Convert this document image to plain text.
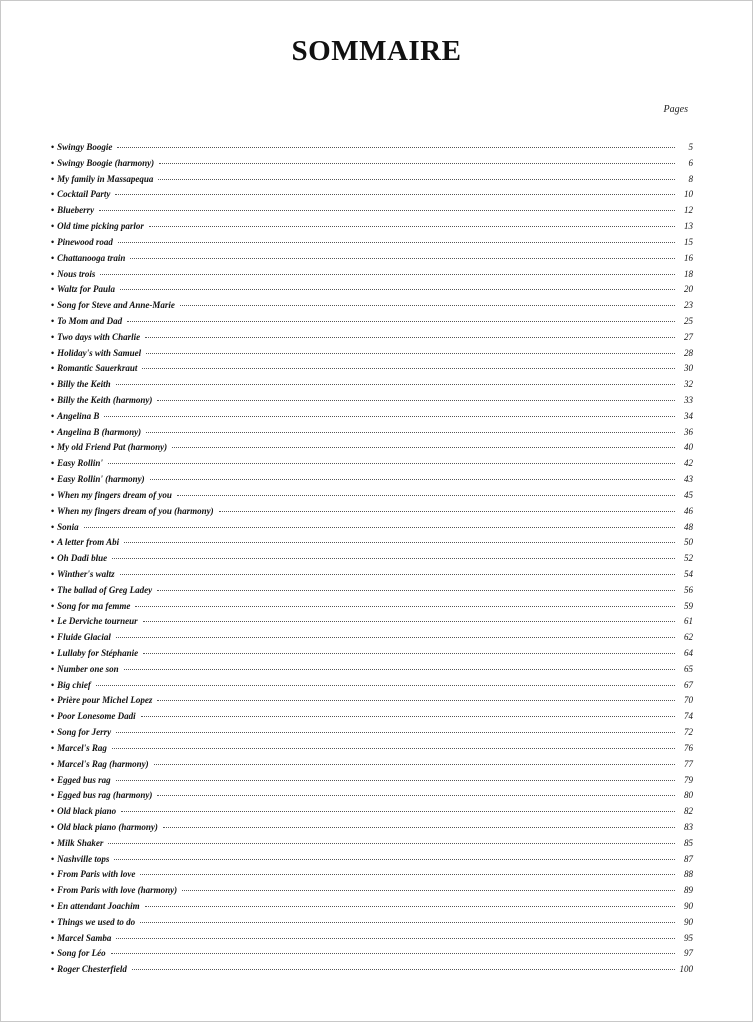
SOMMAIRE
Pages
• Swingy Boogie	5
• Swingy Boogie (harmony)	6
• My family in Massapequa	8
• Cocktail Party	10
• Blueberry	12
• Old time picking parlor	13
• Pinewood road	15
• Chattanooga train	16
• Nous trois	18
• Waltz for Paula	20
• Song for Steve and Anne-Marie	23
• To Mom and Dad	25
• Two days with Charlie	27
• Holiday's with Samuel	28
• Romantic Sauerkraut	30
• Billy the Keith	32
• Billy the Keith (harmony)	33
• Angelina B	34
• Angelina B (harmony)	36
• My old Friend Pat (harmony)	40
• Easy Rollin'	42
• Easy Rollin' (harmony)	43
• When my fingers dream of you	45
• When my fingers dream of you (harmony)	46
• Sonia	48
• A letter from Abi	50
• Oh Dadi blue	52
• Winther's waltz	54
• The ballad of Greg Ladey	56
• Song for ma femme	59
• Le Derviche tourneur	61
• Fluide Glacial	62
• Lullaby for Stéphanie	64
• Number one son	65
• Big chief	67
• Prière pour Michel Lopez	70
• Poor Lonesome Dadi	74
• Song for Jerry	72
• Marcel's Rag	76
• Marcel's Rag (harmony)	77
• Egged bus rag	79
• Egged bus rag (harmony)	80
• Old black piano	82
• Old black piano (harmony)	83
• Milk Shaker	85
• Nashville tops	87
• From Paris with love	88
• From Paris with love (harmony)	89
• En attendant Joachim	90
• Things we used to do	90
• Marcel Samba	95
• Song for Léo	97
• Roger Chesterfield	100
